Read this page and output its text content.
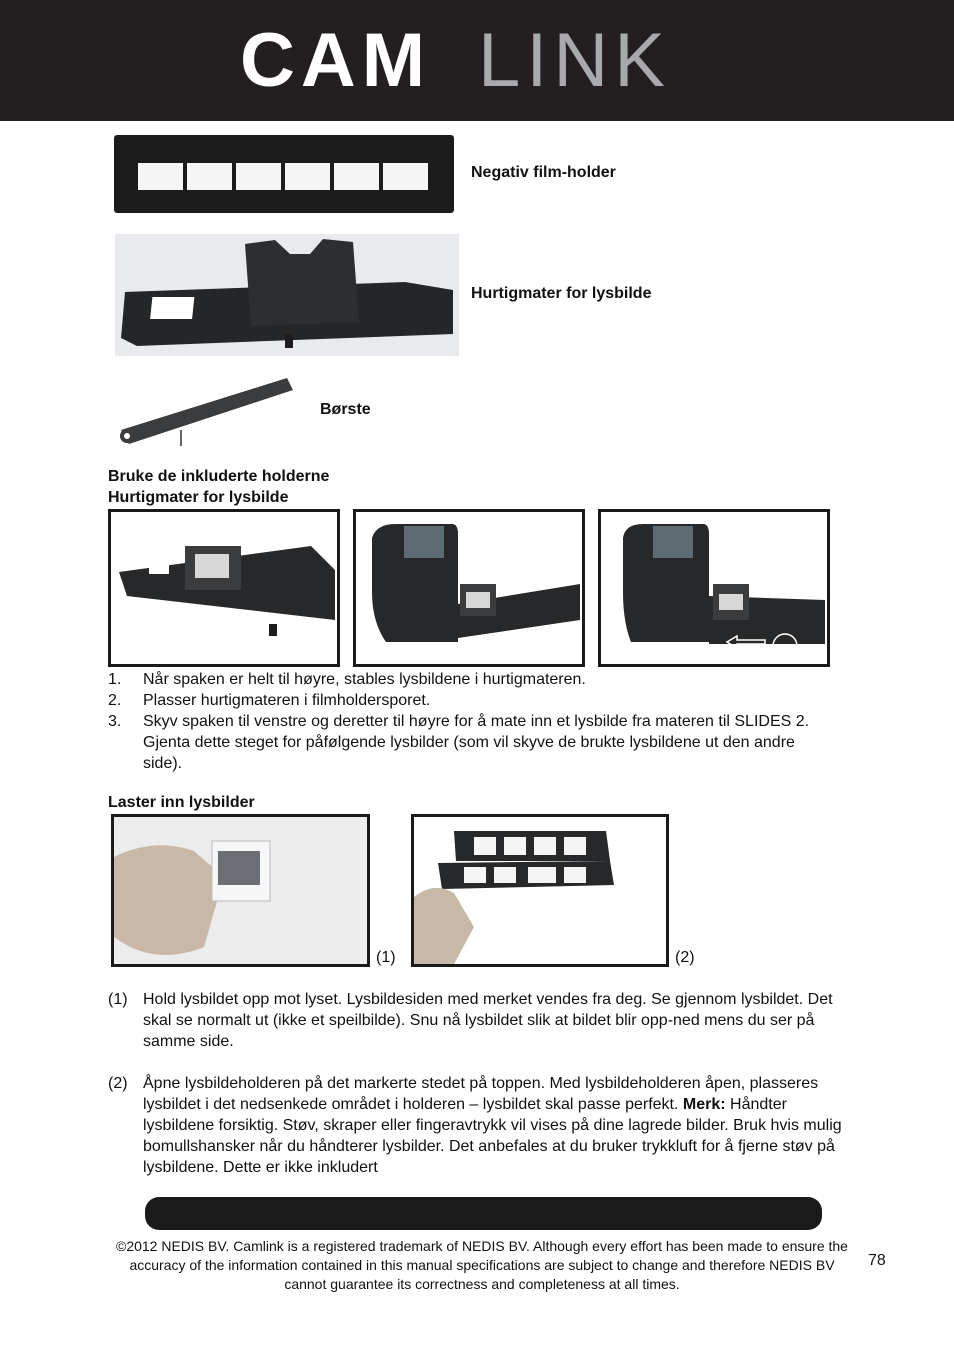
CAM LINK
Negativ film-holder
Hurtigmater for lysbilde
Børste
Bruke de inkluderte holderne
Hurtigmater for lysbilde
1. Når spaken er helt til høyre, stables lysbildene i hurtigmateren.
2. Plasser hurtigmateren i filmholdersporet.
3. Skyv spaken til venstre og deretter til høyre for å mate inn et lysbilde fra materen til SLIDES 2. Gjenta dette steget for påfølgende lysbilder (som vil skyve de brukte lysbildene ut den andre side).
Laster inn lysbilder
(1)	(2)
(1) Hold lysbildet opp mot lyset. Lysbildesiden med merket vendes fra deg. Se gjennom lysbildet. Det skal se normalt ut (ikke et speilbilde). Snu nå lysbildet slik at bildet blir opp-ned mens du ser på samme side.
(2) Åpne lysbildeholderen på det markerte stedet på toppen. Med lysbildeholderen åpen, plasseres lysbildet i det nedsenkede området i holderen – lysbildet skal passe perfekt. Merk: Håndter lysbildene forsiktig. Støv, skraper eller fingeravtrykk vil vises på dine lagrede bilder. Bruk hvis mulig bomullshansker når du håndterer lysbilder. Det anbefales at du bruker trykkluft for å fjerne støv på lysbildene. Dette er ikke inkludert
©2012 NEDIS BV. Camlink is a registered trademark of NEDIS BV. Although every effort has been made to ensure the accuracy of the information contained in this manual specifications are subject to change and therefore NEDIS BV cannot guarantee its correctness and completeness at all times.
78
